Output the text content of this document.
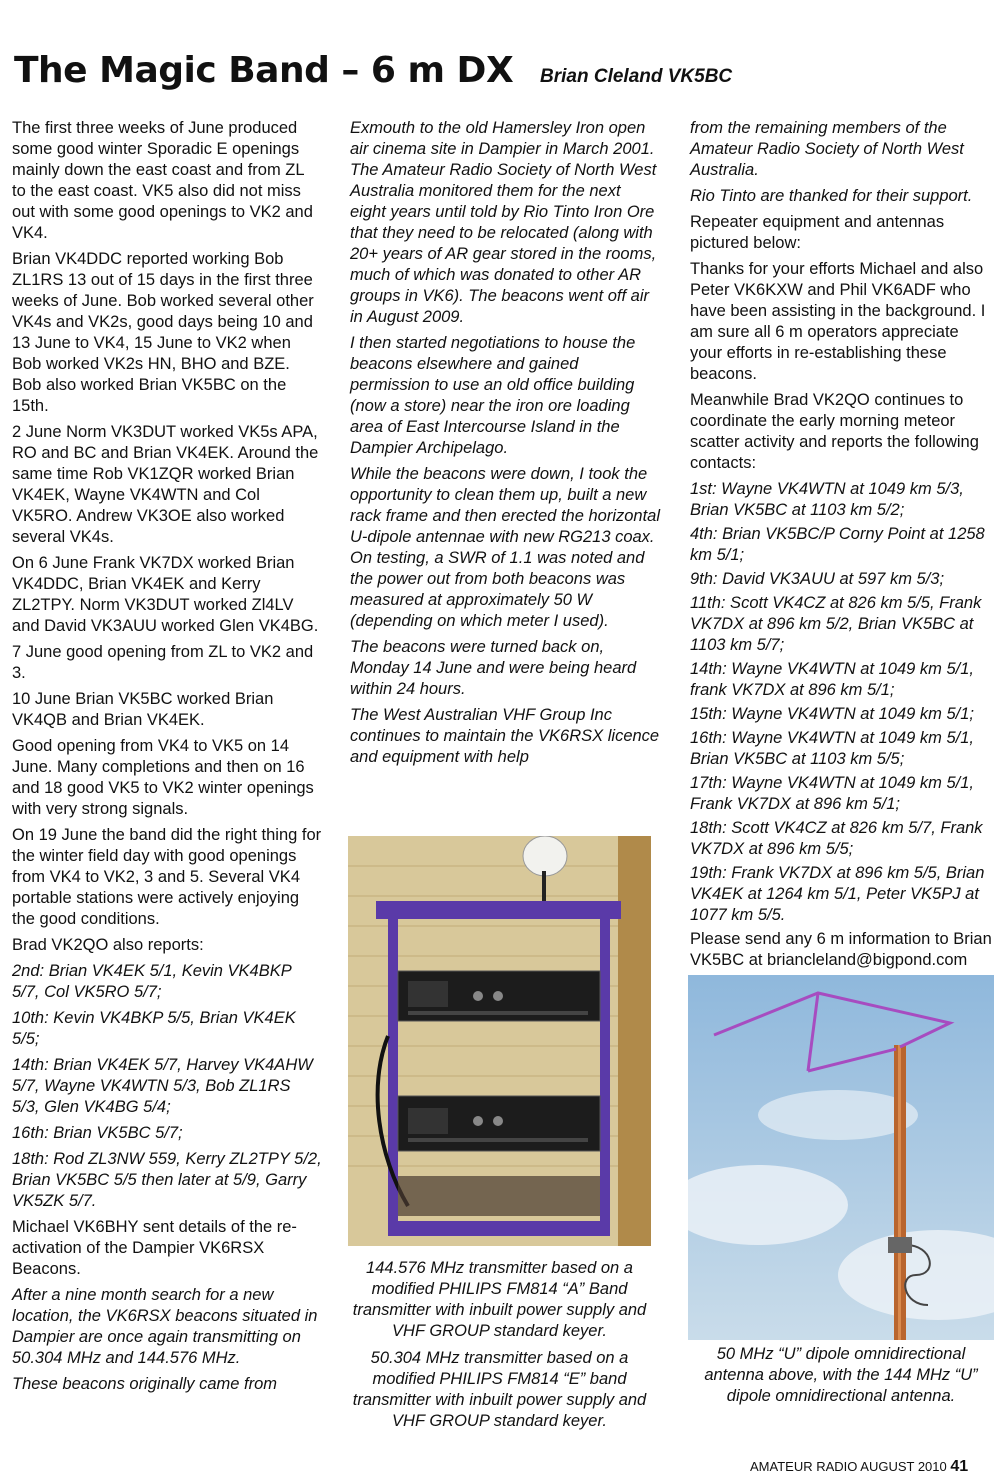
The Magic Band – 6 m DX Brian Cleland VK5BC

The first three weeks of June produced some good winter Sporadic E openings mainly down the east coast and from ZL to the east coast. VK5 also did not miss out with some good openings to VK2 and VK4.

Brian VK4DDC reported working Bob ZL1RS 13 out of 15 days in the first three weeks of June. Bob worked several other VK4s and VK2s, good days being 10 and 13 June to VK4, 15 June to VK2 when Bob worked VK2s HN, BHO and BZE. Bob also worked Brian VK5BC on the 15th.

2 June Norm VK3DUT worked VK5s APA, RO and BC and Brian VK4EK. Around the same time Rob VK1ZQR worked Brian VK4EK, Wayne VK4WTN and Col VK5RO. Andrew VK3OE also worked several VK4s.

On 6 June Frank VK7DX worked Brian VK4DDC, Brian VK4EK and Kerry ZL2TPY. Norm VK3DUT worked Zl4LV and David VK3AUU worked Glen VK4BG.

7 June good opening from ZL to VK2 and 3.

10 June Brian VK5BC worked Brian VK4QB and Brian VK4EK.

Good opening from VK4 to VK5 on 14 June. Many completions and then on 16 and 18 good VK5 to VK2 winter openings with very strong signals.

On 19 June the band did the right thing for the winter field day with good openings from VK4 to VK2, 3 and 5. Several VK4 portable stations were actively enjoying the good conditions.

Brad VK2QO also reports:

2nd: Brian VK4EK 5/1, Kevin VK4BKP 5/7, Col VK5RO 5/7;

10th: Kevin VK4BKP 5/5, Brian VK4EK 5/5;

14th: Brian VK4EK 5/7, Harvey VK4AHW 5/7, Wayne VK4WTN 5/3, Bob ZL1RS 5/3, Glen VK4BG 5/4;

16th: Brian VK5BC 5/7;

18th: Rod ZL3NW 559, Kerry ZL2TPY 5/2, Brian VK5BC 5/5 then later at 5/9, Garry VK5ZK 5/7.

Michael VK6BHY sent details of the re-activation of the Dampier VK6RSX Beacons.

After a nine month search for a new location, the VK6RSX beacons situated in Dampier are once again transmitting on 50.304 MHz and 144.576 MHz.

These beacons originally came from

Exmouth to the old Hamersley Iron open air cinema site in Dampier in March 2001. The Amateur Radio Society of North West Australia monitored them for the next eight years until told by Rio Tinto Iron Ore that they need to be relocated (along with 20+ years of AR gear stored in the rooms, much of which was donated to other AR groups in VK6). The beacons went off air in August 2009.

I then started negotiations to house the beacons elsewhere and gained permission to use an old office building (now a store) near the iron ore loading area of East Intercourse Island in the Dampier Archipelago.

While the beacons were down, I took the opportunity to clean them up, built a new rack frame and then erected the horizontal U-dipole antennae with new RG213 coax. On testing, a SWR of 1.1 was noted and the power out from both beacons was measured at approximately 50 W (depending on which meter I used).

The beacons were turned back on, Monday 14 June and were being heard within 24 hours.

The West Australian VHF Group Inc continues to maintain the VK6RSX licence and equipment with help

from the remaining members of the Amateur Radio Society of North West Australia.

Rio Tinto are thanked for their support.

Repeater equipment and antennas pictured below:

Thanks for your efforts Michael and also Peter VK6KXW and Phil VK6ADF who have been assisting in the background. I am sure all 6 m operators appreciate your efforts in re-establishing these beacons.

Meanwhile Brad VK2QO continues to coordinate the early morning meteor scatter activity and reports the following contacts:

1st: Wayne VK4WTN at 1049 km 5/3, Brian VK5BC at 1103 km 5/2;

4th: Brian VK5BC/P Corny Point at 1258 km 5/1;

9th: David VK3AUU at 597 km 5/3;

11th: Scott VK4CZ at 826 km 5/5, Frank VK7DX at 896 km 5/2, Brian VK5BC at 1103 km 5/7;

14th: Wayne VK4WTN at 1049 km 5/1, frank VK7DX at 896 km 5/1;

15th: Wayne VK4WTN at 1049 km 5/1;

16th: Wayne VK4WTN at 1049 km 5/1, Brian VK5BC at 1103 km 5/5;

17th: Wayne VK4WTN at 1049 km 5/1, Frank VK7DX at 896 km 5/1;

18th: Scott VK4CZ at 826 km 5/7, Frank VK7DX at 896 km 5/5;

19th: Frank VK7DX at 896 km 5/5, Brian VK4EK at 1264 km 5/1, Peter VK5PJ at 1077 km 5/5.

Please send any 6 m information to Brian VK5BC at briancleland@bigpond.com

144.576 MHz transmitter based on a modified PHILIPS FM814 “A” Band transmitter with inbuilt power supply and VHF GROUP standard keyer.

50.304 MHz transmitter based on a modified PHILIPS FM814 “E” band transmitter with inbuilt power supply and VHF GROUP standard keyer.

50 MHz “U” dipole omnidirectional antenna above, with the 144 MHz “U” dipole omnidirectional antenna.
AMATEUR RADIO AUGUST 2010 41
